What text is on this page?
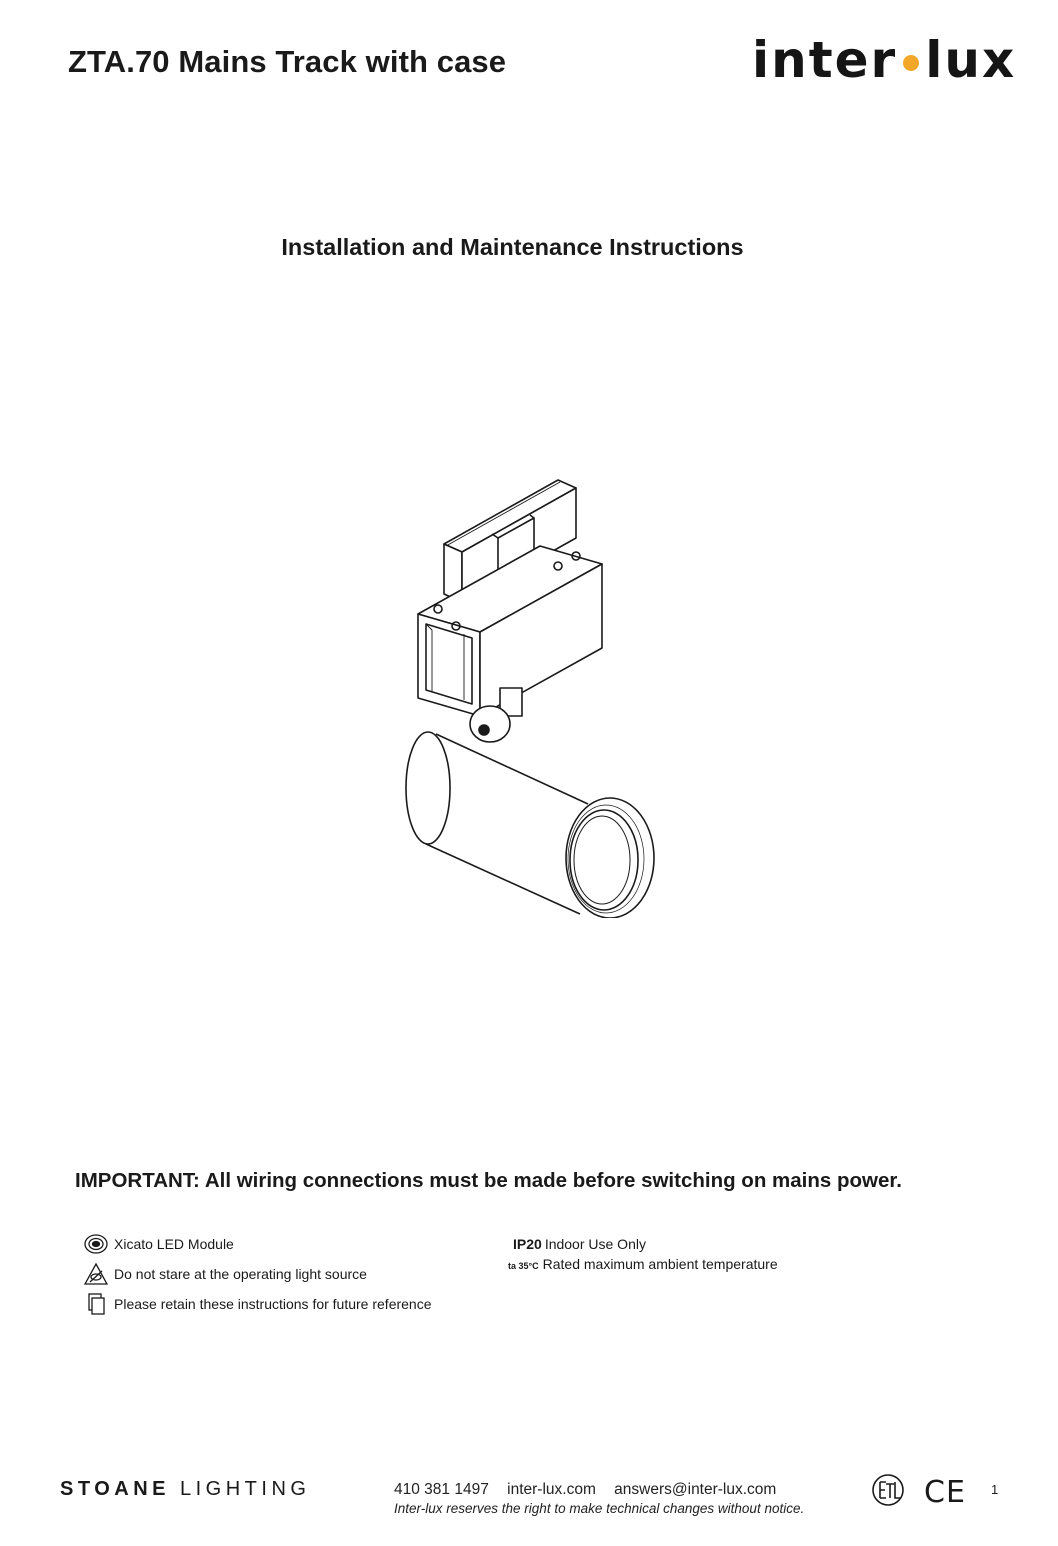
ZTA.70 Mains Track with case	inter lux
Installation and Maintenance Instructions

IMPORTANT: All wiring connections must be made before switching on mains power.

Xicato LED Module
Do not stare at the operating light source
Please retain these instructions for future reference
IP20 Indoor Use Only
ta 35°C Rated maximum ambient temperature
STOANE LIGHTING	410 381 1497 inter-lux.com answers@inter-lux.com
Inter-lux reserves the right to make technical changes without notice.	CE 1
